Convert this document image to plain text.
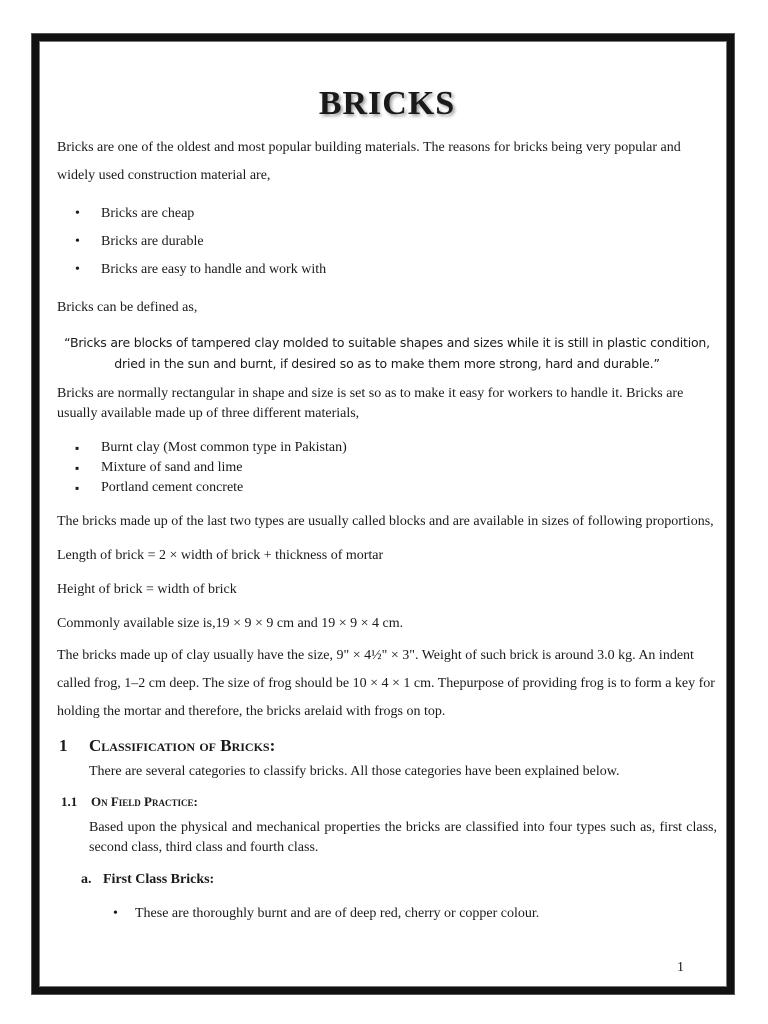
BRICKS

Bricks are one of the oldest and most popular building materials. The reasons for bricks being very popular and widely used construction material are,

• Bricks are cheap
• Bricks are durable
• Bricks are easy to handle and work with

Bricks can be defined as,

“Bricks are blocks of tampered clay molded to suitable shapes and sizes while it is still in plastic condition, dried in the sun and burnt, if desired so as to make them more strong, hard and durable.”

Bricks are normally rectangular in shape and size is set so as to make it easy for workers to handle it. Bricks are usually available made up of three different materials,

▪ Burnt clay (Most common type in Pakistan)
▪ Mixture of sand and lime
▪ Portland cement concrete

The bricks made up of the last two types are usually called blocks and are available in sizes of following proportions,

Length of brick = 2 × width of brick + thickness of mortar

Height of brick = width of brick

Commonly available size is,19 × 9 × 9 cm and 19 × 9 × 4 cm.

The bricks made up of clay usually have the size, 9" × 4½" × 3". Weight of such brick is around 3.0 kg. An indent called frog, 1–2 cm deep. The size of frog should be 10 × 4 × 1 cm. Thepurpose of providing frog is to form a key for holding the mortar and therefore, the bricks arelaid with frogs on top.

1 Classification of Bricks:

There are several categories to classify bricks. All those categories have been explained below.

1.1 On Field Practice:

Based upon the physical and mechanical properties the bricks are classified into four types such as, first class, second class, third class and fourth class.

a. First Class Bricks:
• These are thoroughly burnt and are of deep red, cherry or copper colour.
1
